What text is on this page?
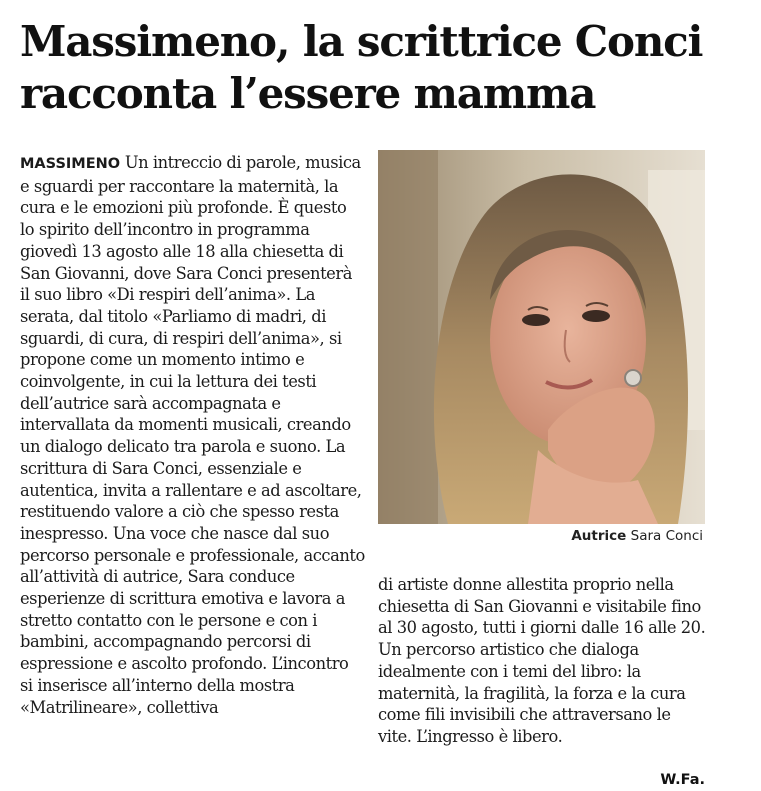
Massimeno, la scrittrice Conci
racconta l’essere mamma
MASSIMENO Un intreccio di parole, musica e sguardi per raccontare la maternità, la cura e le emozioni più profonde. È questo lo spirito dell’incontro in programma giovedì 13 agosto alle 18 alla chiesetta di San Giovanni, dove Sara Conci presenterà il suo libro «Di respiri dell’anima». La serata, dal titolo «Parliamo di madri, di sguardi, di cura, di respiri dell’anima», si propone come un momento intimo e coinvolgente, in cui la lettura dei testi dell’autrice sarà accompagnata e intervallata da momenti musicali, creando un dialogo delicato tra parola e suono. La scrittura di Sara Conci, essenziale e autentica, invita a rallentare e ad ascoltare, restituendo valore a ciò che spesso resta inespresso. Una voce che nasce dal suo percorso personale e professionale, accanto all’attività di autrice, Sara conduce esperienze di scrittura emotiva e lavora a stretto contatto con le persone e con i bambini, accompagnando percorsi di espressione e ascolto profondo. L’incontro si inserisce all’interno della mostra «Matrilineare», collettiva
Autrice Sara Conci
di artiste donne allestita proprio nella chiesetta di San Giovanni e visitabile fino al 30 agosto, tutti i giorni dalle 16 alle 20. Un percorso artistico che dialoga idealmente con i temi del libro: la maternità, la fragilità, la forza e la cura come fili invisibili che attraversano le vite. L’ingresso è libero.
W.Fa.
